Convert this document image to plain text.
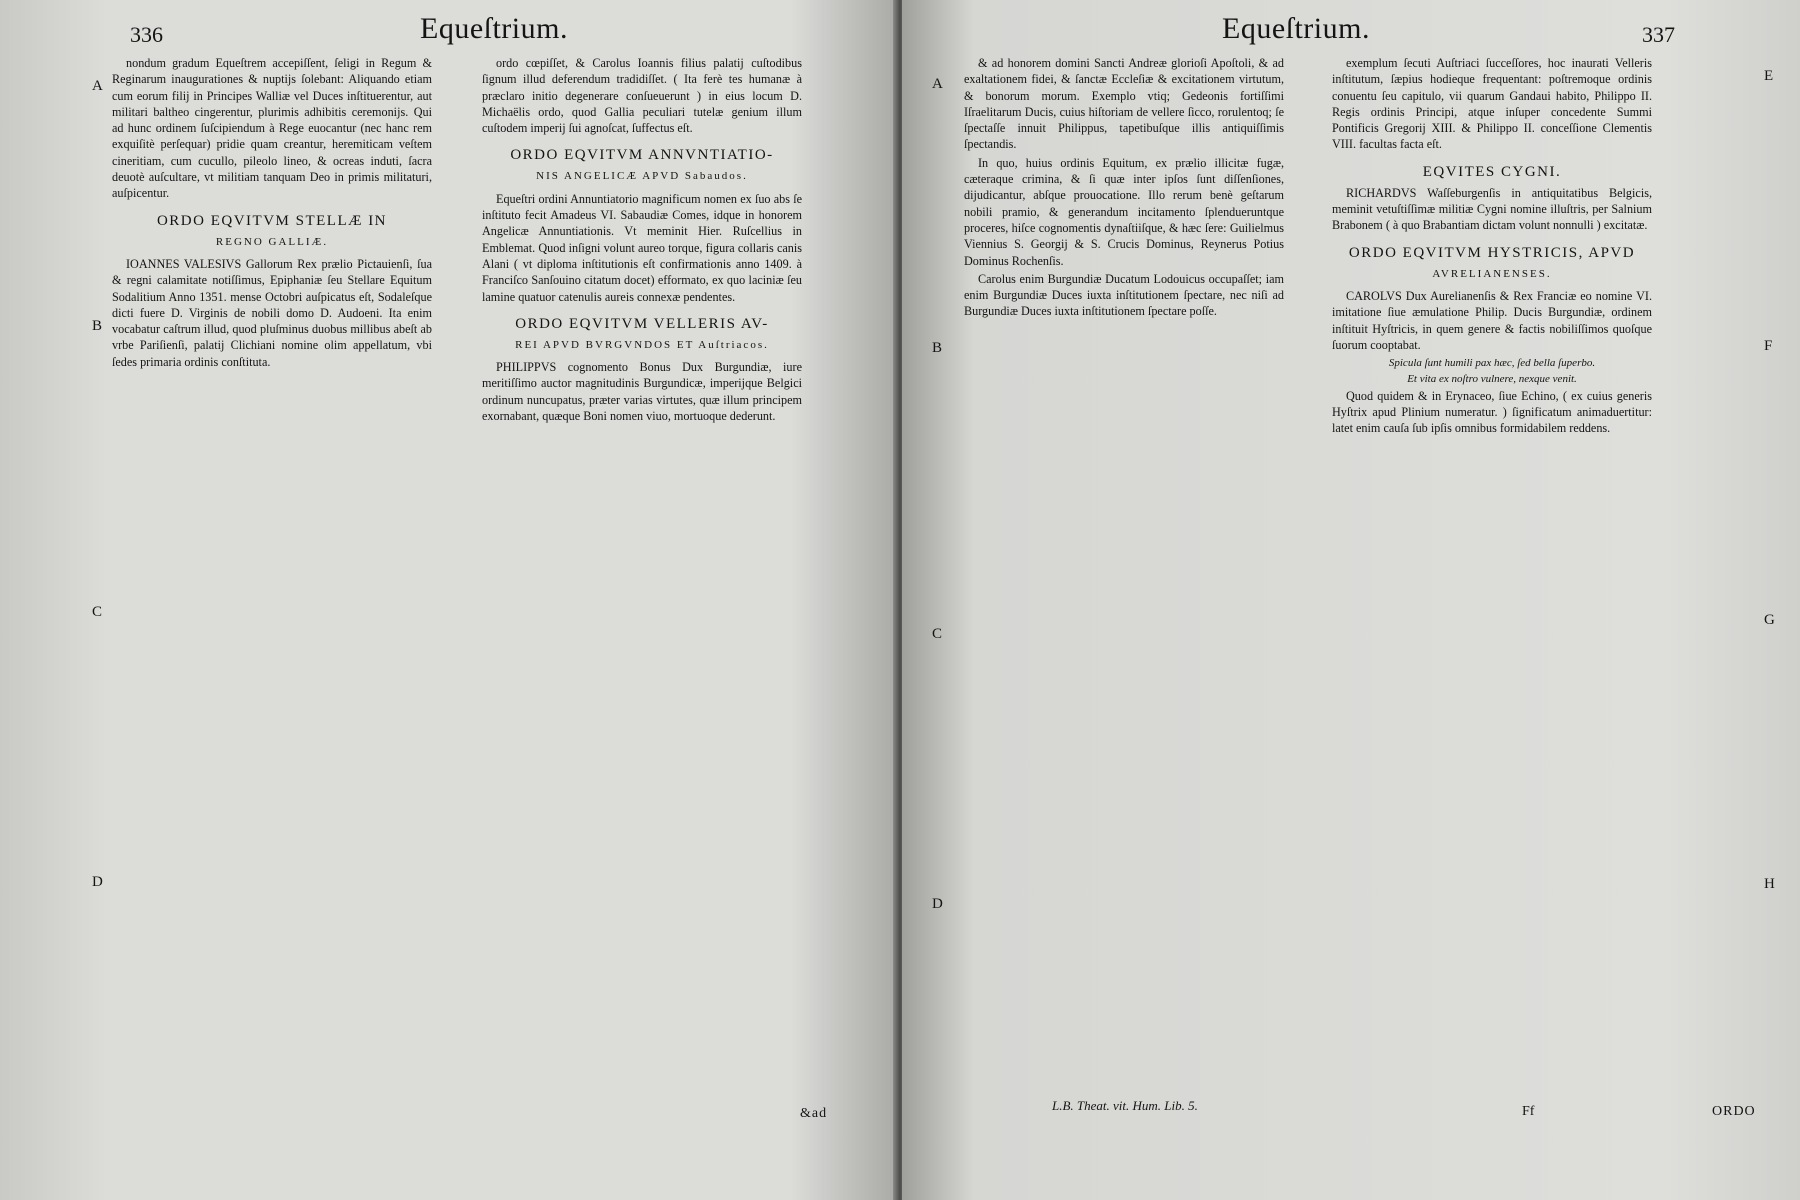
336	Equeſtrium.
A
B
C
D

nondum gradum Equeſtrem accepiſſent, ſeligi in Regum & Reginarum inaugurationes & nuptijs ſolebant: Aliquando etiam cum eorum filij in Principes Walliæ vel Duces inſtituerentur, aut militari baltheo cingerentur, plurimis adhibitis ceremonijs. Qui ad hunc ordinem ſuſcipiendum à Rege euocantur (nec hanc rem exquiſitè perſequar) pridie quam creantur, heremiticam veſtem cineritiam, cum cucullo, pileolo lineo, & ocreas induti, ſacra deuotè auſcultare, vt militiam tanquam Deo in primis militaturi, auſpicentur.

ORDO EQVITVM STELLÆ IN
REGNO GALLIÆ.

IOANNES VALESIVS Gallorum Rex prælio Pictauienſi, ſua & regni calamitate notiſſimus, Epiphaniæ ſeu Stellare Equitum Sodalitium Anno 1351. mense Octobri auſpicatus eſt, Sodaleſque dicti fuere D. Virginis de nobili domo D. Audoeni. Ita enim vocabatur caſtrum illud, quod pluſminus duobus millibus abeſt ab vrbe Pariſienſi, palatij Clichiani nomine olim appellatum, vbi ſedes primaria ordinis conſtituta.

ordo cœpiſſet, & Carolus Ioannis filius palatij cuſtodibus ſignum illud deferendum tradidiſſet. ( Ita ferè tes humanæ à præclaro initio degenerare conſueuerunt ) in eius locum D. Michaëlis ordo, quod Gallia peculiari tutelæ genium illum cuſtodem imperij ſui agnoſcat, ſuffectus eſt.

ORDO EQVITVM ANNVNTIATIO-
NIS ANGELICÆ APVD Sabaudos.

Equeſtri ordini Annuntiatorio magnificum nomen ex ſuo abs ſe inſtituto fecit Amadeus VI. Sabaudiæ Comes, idque in honorem Angelicæ Annuntiationis. Vt meminit Hier. Ruſcellius in Emblemat. Quod inſigni volunt aureo torque, figura collaris canis Alani ( vt diploma inſtitutionis eſt confirmationis anno 1409. à Franciſco Sanſouino citatum docet) efformato, ex quo laciniæ ſeu lamine quatuor catenulis aureis connexæ pendentes.

ORDO EQVITVM VELLERIS AV-
REI APVD BVRGVNDOS ET Auſtriacos.

PHILIPPVS cognomento Bonus Dux Burgundiæ, iure meritiſſimo auctor magnitudinis Burgundicæ, imperijque Belgici ordinum nuncupatus, præter varias virtutes, quæ illum principem exornabant, quæque Boni nomen viuo, mortuoque dederunt.

&ad
Equeſtrium.	337
A
B
C
D

& ad honorem domini Sancti Andreæ glorioſi Apoſtoli, & ad exaltationem fidei, & ſanctæ Eccleſiæ & excitationem virtutum, & bonorum morum. Exemplo vtiq; Gedeonis fortiſſimi Iſraelitarum Ducis, cuius hiſtoriam de vellere ſicco, rorulentoq; ſe ſpectaſſe innuit Philippus, tapetibuſque illis antiquiſſimis ſpectandis.

In quo, huius ordinis Equitum, ex prælio illicitæ fugæ, cæteraque crimina, & ſi quæ inter ipſos ſunt diſſenſiones, dijudicantur, abſque prouocatione. Illo rerum benè geſtarum nobili pramio, & generandum incitamento ſplendueruntque proceres, hiſce cognomentis dynaſtiiſque, & hæc ſere: Guilielmus Viennius S. Georgij & S. Crucis Dominus, Reynerus Potius Dominus Rochenſis.

Carolus enim Burgundiæ Ducatum Lodouicus occupaſſet; iam enim Burgundiæ Duces iuxta inſtitutionem ſpectare, nec niſi ad Burgundiæ Duces iuxta inſtitutionem ſpectare poſſe.

L.B. Theat. vit. Hum. Lib. 5.

exemplum ſecuti Auſtriaci ſucceſſores, hoc inaurati Velleris inſtitutum, ſæpius hodieque frequentant: poſtremoque ordinis conuentu ſeu capitulo, vii quarum Gandaui habito, Philippo II. Regis ordinis Principi, atque inſuper concedente Summi Pontificis Gregorij XIII. & Philippo II. conceſſione Clementis VIII. facultas facta eſt.

EQVITES CYGNI.

RICHARDVS Waſſeburgenſis in antiquitatibus Belgicis, meminit vetuſtiſſimæ militiæ Cygni nomine illuſtris, per Salnium Brabonem ( à quo Brabantiam dictam volunt nonnulli ) excitatæ.

ORDO EQVITVM HYSTRICIS, APVD
AVRELIANENSES.

CAROLVS Dux Aurelianenſis & Rex Franciæ eo nomine VI. imitatione ſiue æmulatione Philip. Ducis Burgundiæ, ordinem inſtituit Hyſtricis, in quem genere & factis nobiliſſimos quoſque ſuorum cooptabat.

Spicula ſunt humili pax hæc, ſed bella ſuperbo.
Et vita ex noſtro vulnere, nexque venit.

Quod quidem & in Erynaceo, ſiue Echino, ( ex cuius generis Hyſtrix apud Plinium numeratur. ) ſignificatum animaduertitur: latet enim cauſa ſub ipſis omnibus formidabilem reddens.

E
F
G
H
Ff	ORDO
